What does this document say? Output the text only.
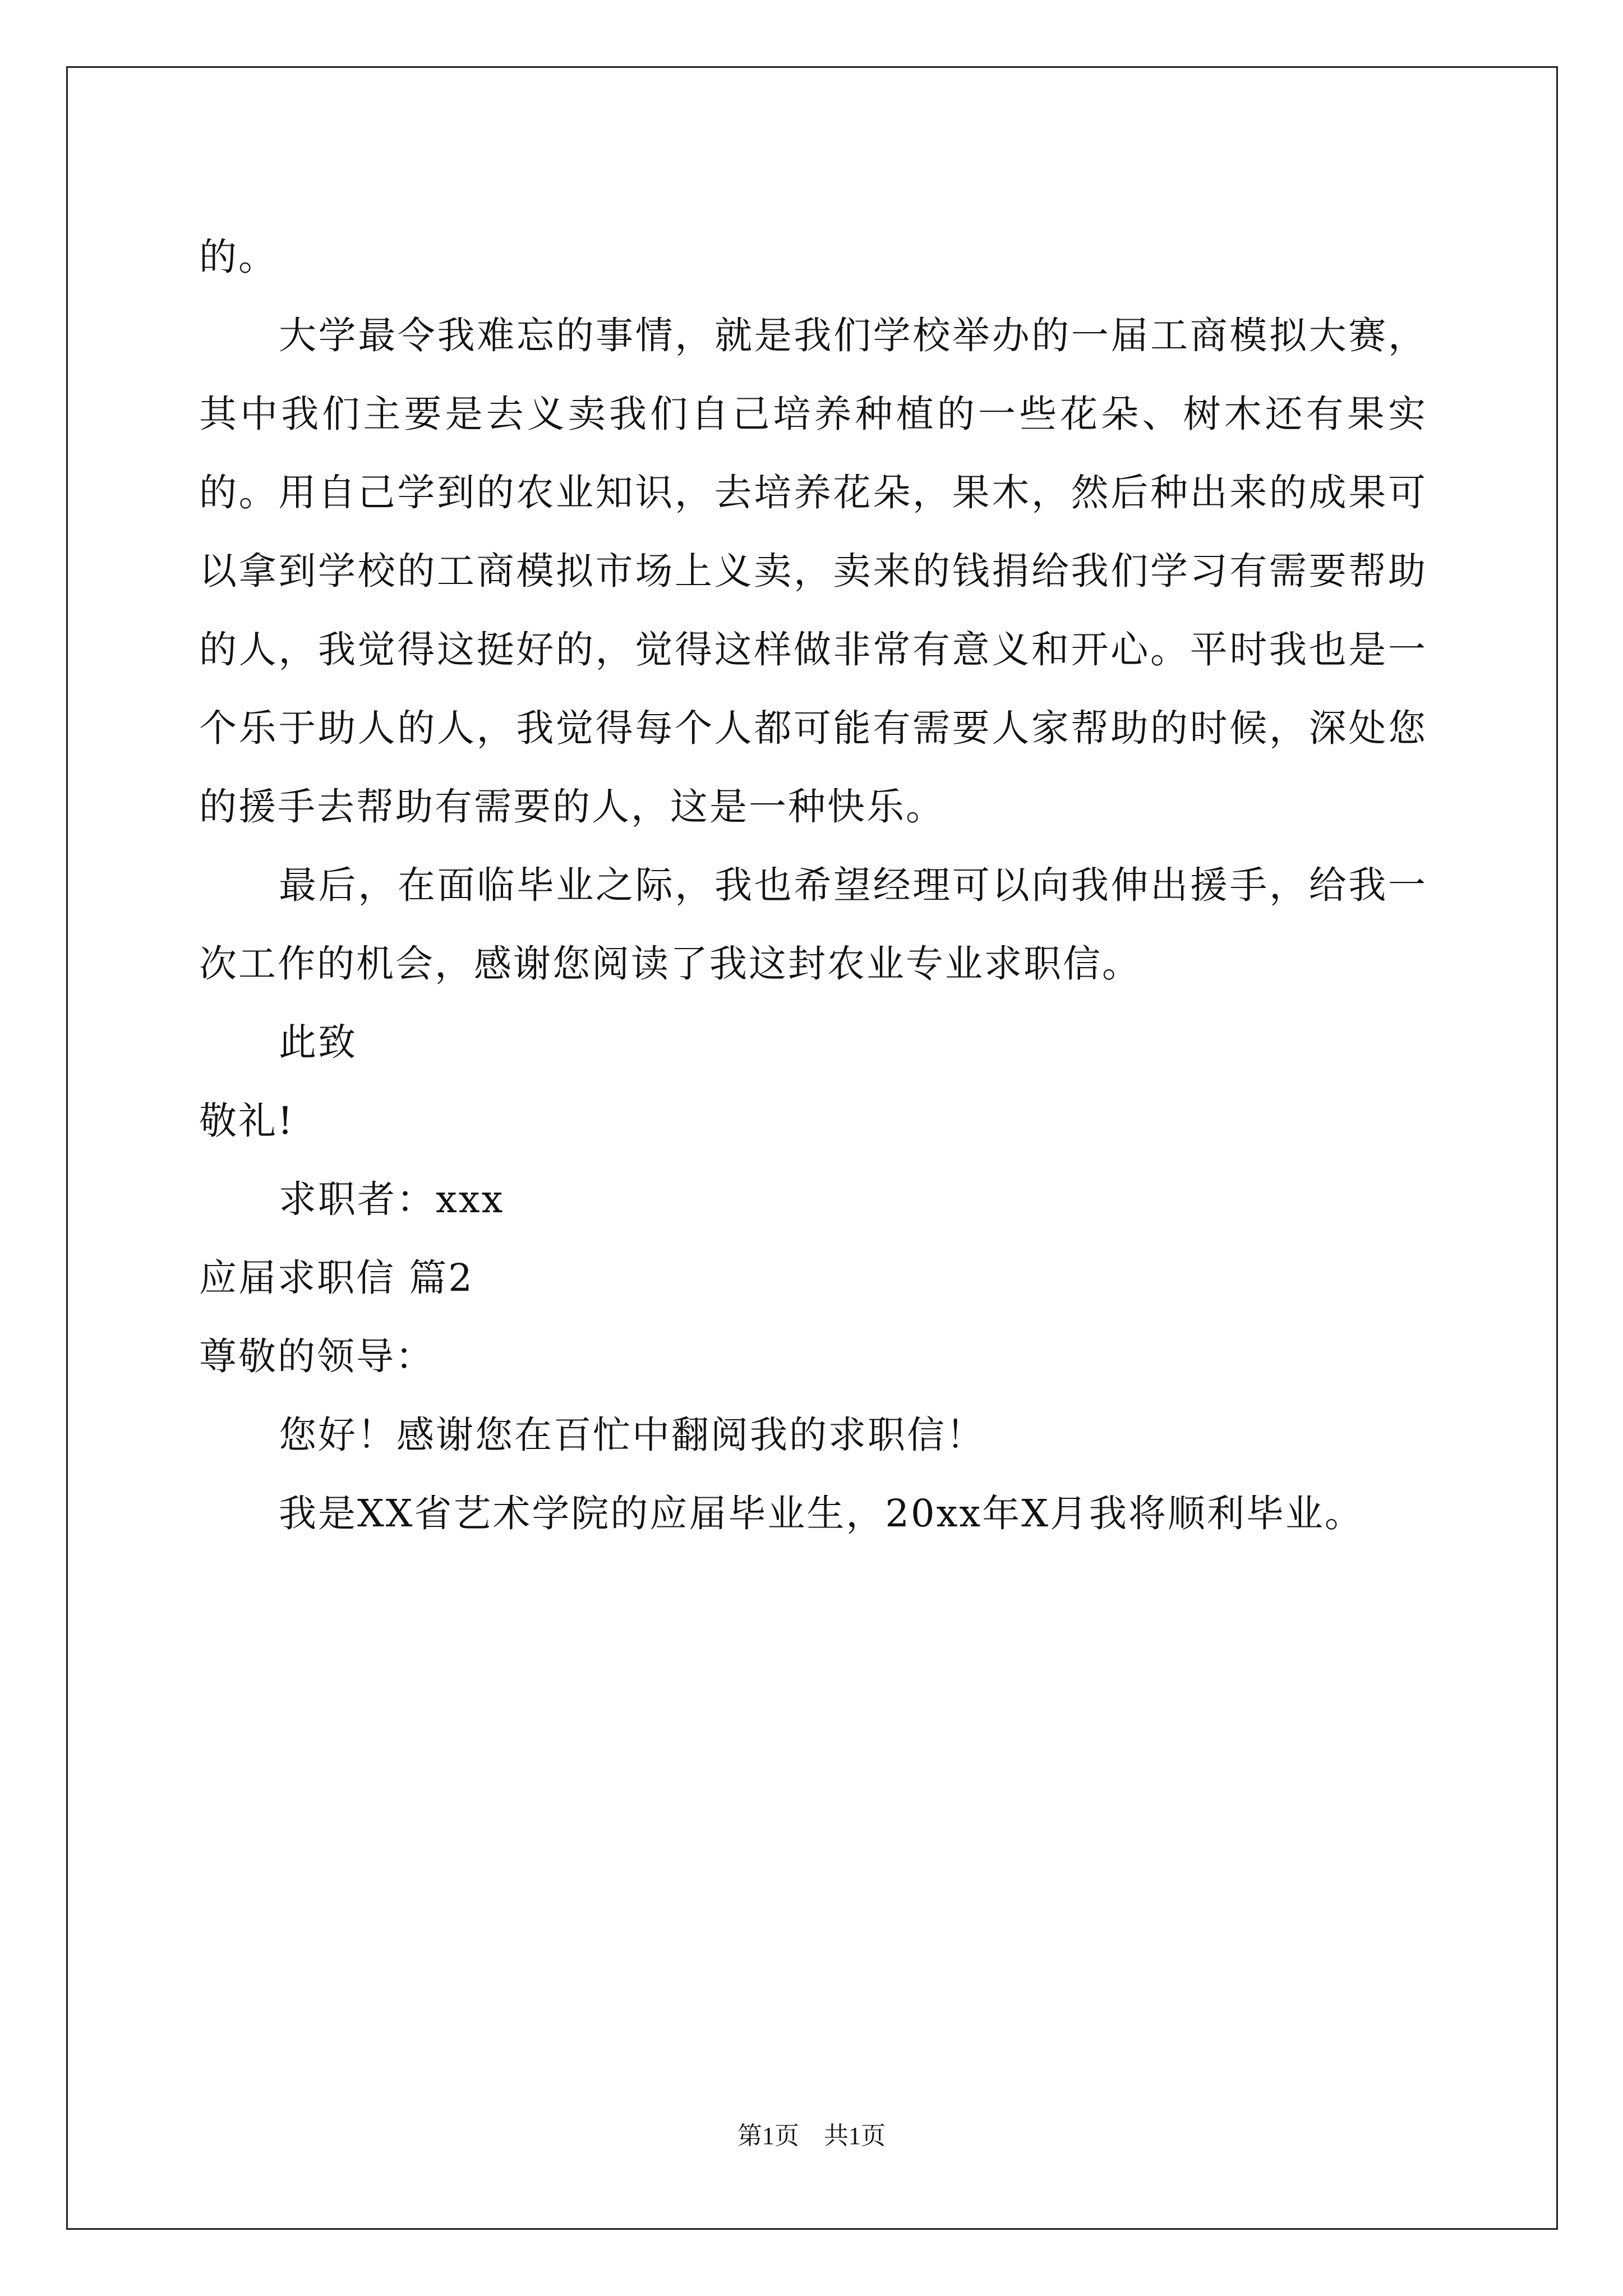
的。

大学最令我难忘的事情，就是我们学校举办的一届工商模拟大赛，其中我们主要是去义卖我们自己培养种植的一些花朵、树木还有果实的。用自己学到的农业知识，去培养花朵，果木，然后种出来的成果可以拿到学校的工商模拟市场上义卖，卖来的钱捐给我们学习有需要帮助的人，我觉得这挺好的，觉得这样做非常有意义和开心。平时我也是一个乐于助人的人，我觉得每个人都可能有需要人家帮助的时候，深处您的援手去帮助有需要的人，这是一种快乐。

最后，在面临毕业之际，我也希望经理可以向我伸出援手，给我一次工作的机会，感谢您阅读了我这封农业专业求职信。

此致

敬礼!

求职者：xxx

应届求职信 篇2

尊敬的领导：

您好！感谢您在百忙中翻阅我的求职信！

我是XX省艺术学院的应届毕业生，20xx年X月我将顺利毕业。

第1页　共1页
